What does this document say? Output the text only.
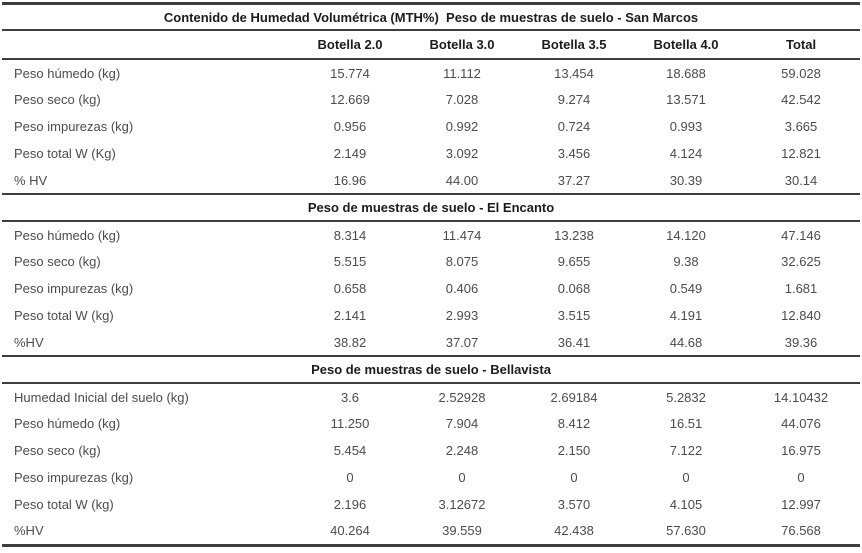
Contenido de Humedad Volumétrica (MTH%)  Peso de muestras de suelo - San Marcos					
	Botella 2.0	Botella 3.0	Botella 3.5	Botella 4.0	Total
Peso húmedo (kg)	15.774	11.112	13.454	18.688	59.028
Peso seco (kg)	12.669	7.028	9.274	13.571	42.542
Peso impurezas (kg)	0.956	0.992	0.724	0.993	3.665
Peso total W (Kg)	2.149	3.092	3.456	4.124	12.821
% HV	16.96	44.00	37.27	30.39	30.14
Peso de muestras de suelo - El Encanto					
Peso húmedo (kg)	8.314	11.474	13.238	14.120	47.146
Peso seco (kg)	5.515	8.075	9.655	9.38	32.625
Peso impurezas (kg)	0.658	0.406	0.068	0.549	1.681
Peso total W (kg)	2.141	2.993	3.515	4.191	12.840
%HV	38.82	37.07	36.41	44.68	39.36
Peso de muestras de suelo - Bellavista					
Humedad Inicial del suelo (kg)	3.6	2.52928	2.69184	5.2832	14.10432
Peso húmedo (kg)	11.250	7.904	8.412	16.51	44.076
Peso seco (kg)	5.454	2.248	2.150	7.122	16.975
Peso impurezas (kg)	0	0	0	0	0
Peso total W (kg)	2.196	3.12672	3.570	4.105	12.997
%HV	40.264	39.559	42.438	57.630	76.568
